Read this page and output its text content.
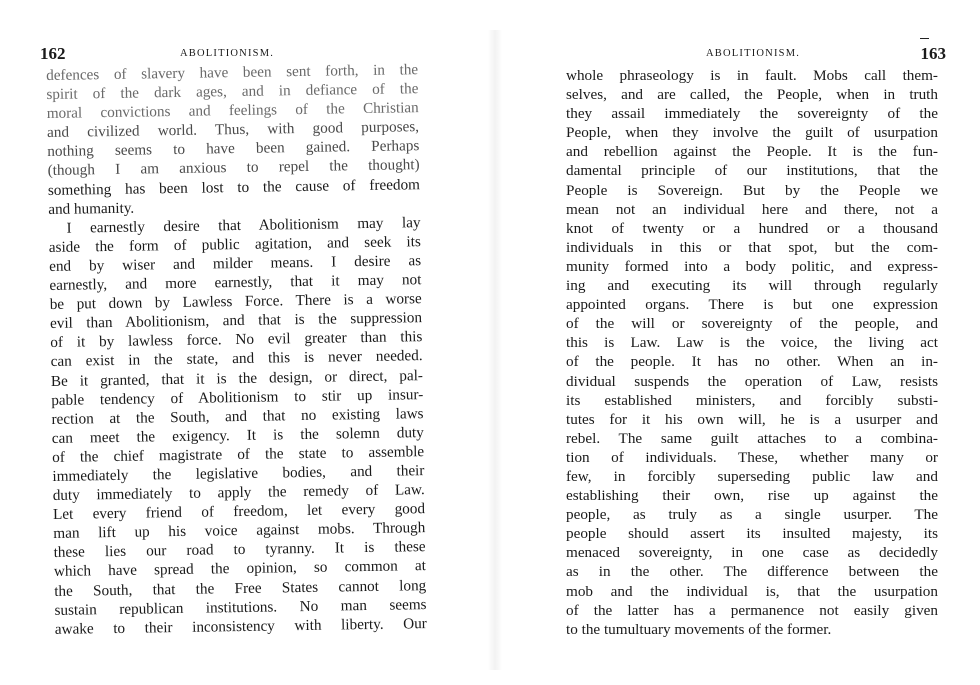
162	ABOLITIONISM.
defences of slavery have been sent forth, in the
spirit of the dark ages, and in defiance of the
moral convictions and feelings of the Christian
and civilized world. Thus, with good purposes,
nothing seems to have been gained. Perhaps
(though I am anxious to repel the thought)
something has been lost to the cause of freedom
and humanity.
I earnestly desire that Abolitionism may lay
aside the form of public agitation, and seek its
end by wiser and milder means. I desire as
earnestly, and more earnestly, that it may not
be put down by Lawless Force. There is a worse
evil than Abolitionism, and that is the suppression
of it by lawless force. No evil greater than this
can exist in the state, and this is never needed.
Be it granted, that it is the design, or direct, pal-
pable tendency of Abolitionism to stir up insur-
rection at the South, and that no existing laws
can meet the exigency. It is the solemn duty
of the chief magistrate of the state to assemble
immediately the legislative bodies, and their
duty immediately to apply the remedy of Law.
Let every friend of freedom, let every good
man lift up his voice against mobs. Through
these lies our road to tyranny. It is these
which have spread the opinion, so common at
the South, that the Free States cannot long
sustain republican institutions. No man seems
awake to their inconsistency with liberty. Our
ABOLITIONISM.	163
whole phraseology is in fault. Mobs call them-
selves, and are called, the People, when in truth
they assail immediately the sovereignty of the
People, when they involve the guilt of usurpation
and rebellion against the People. It is the fun-
damental principle of our institutions, that the
People is Sovereign. But by the People we
mean not an individual here and there, not a
knot of twenty or a hundred or a thousand
individuals in this or that spot, but the com-
munity formed into a body politic, and express-
ing and executing its will through regularly
appointed organs. There is but one expression
of the will or sovereignty of the people, and
this is Law. Law is the voice, the living act
of the people. It has no other. When an in-
dividual suspends the operation of Law, resists
its established ministers, and forcibly substi-
tutes for it his own will, he is a usurper and
rebel. The same guilt attaches to a combina-
tion of individuals. These, whether many or
few, in forcibly superseding public law and
establishing their own, rise up against the
people, as truly as a single usurper. The
people should assert its insulted majesty, its
menaced sovereignty, in one case as decidedly
as in the other. The difference between the
mob and the individual is, that the usurpation
of the latter has a permanence not easily given
to the tumultuary movements of the former.
